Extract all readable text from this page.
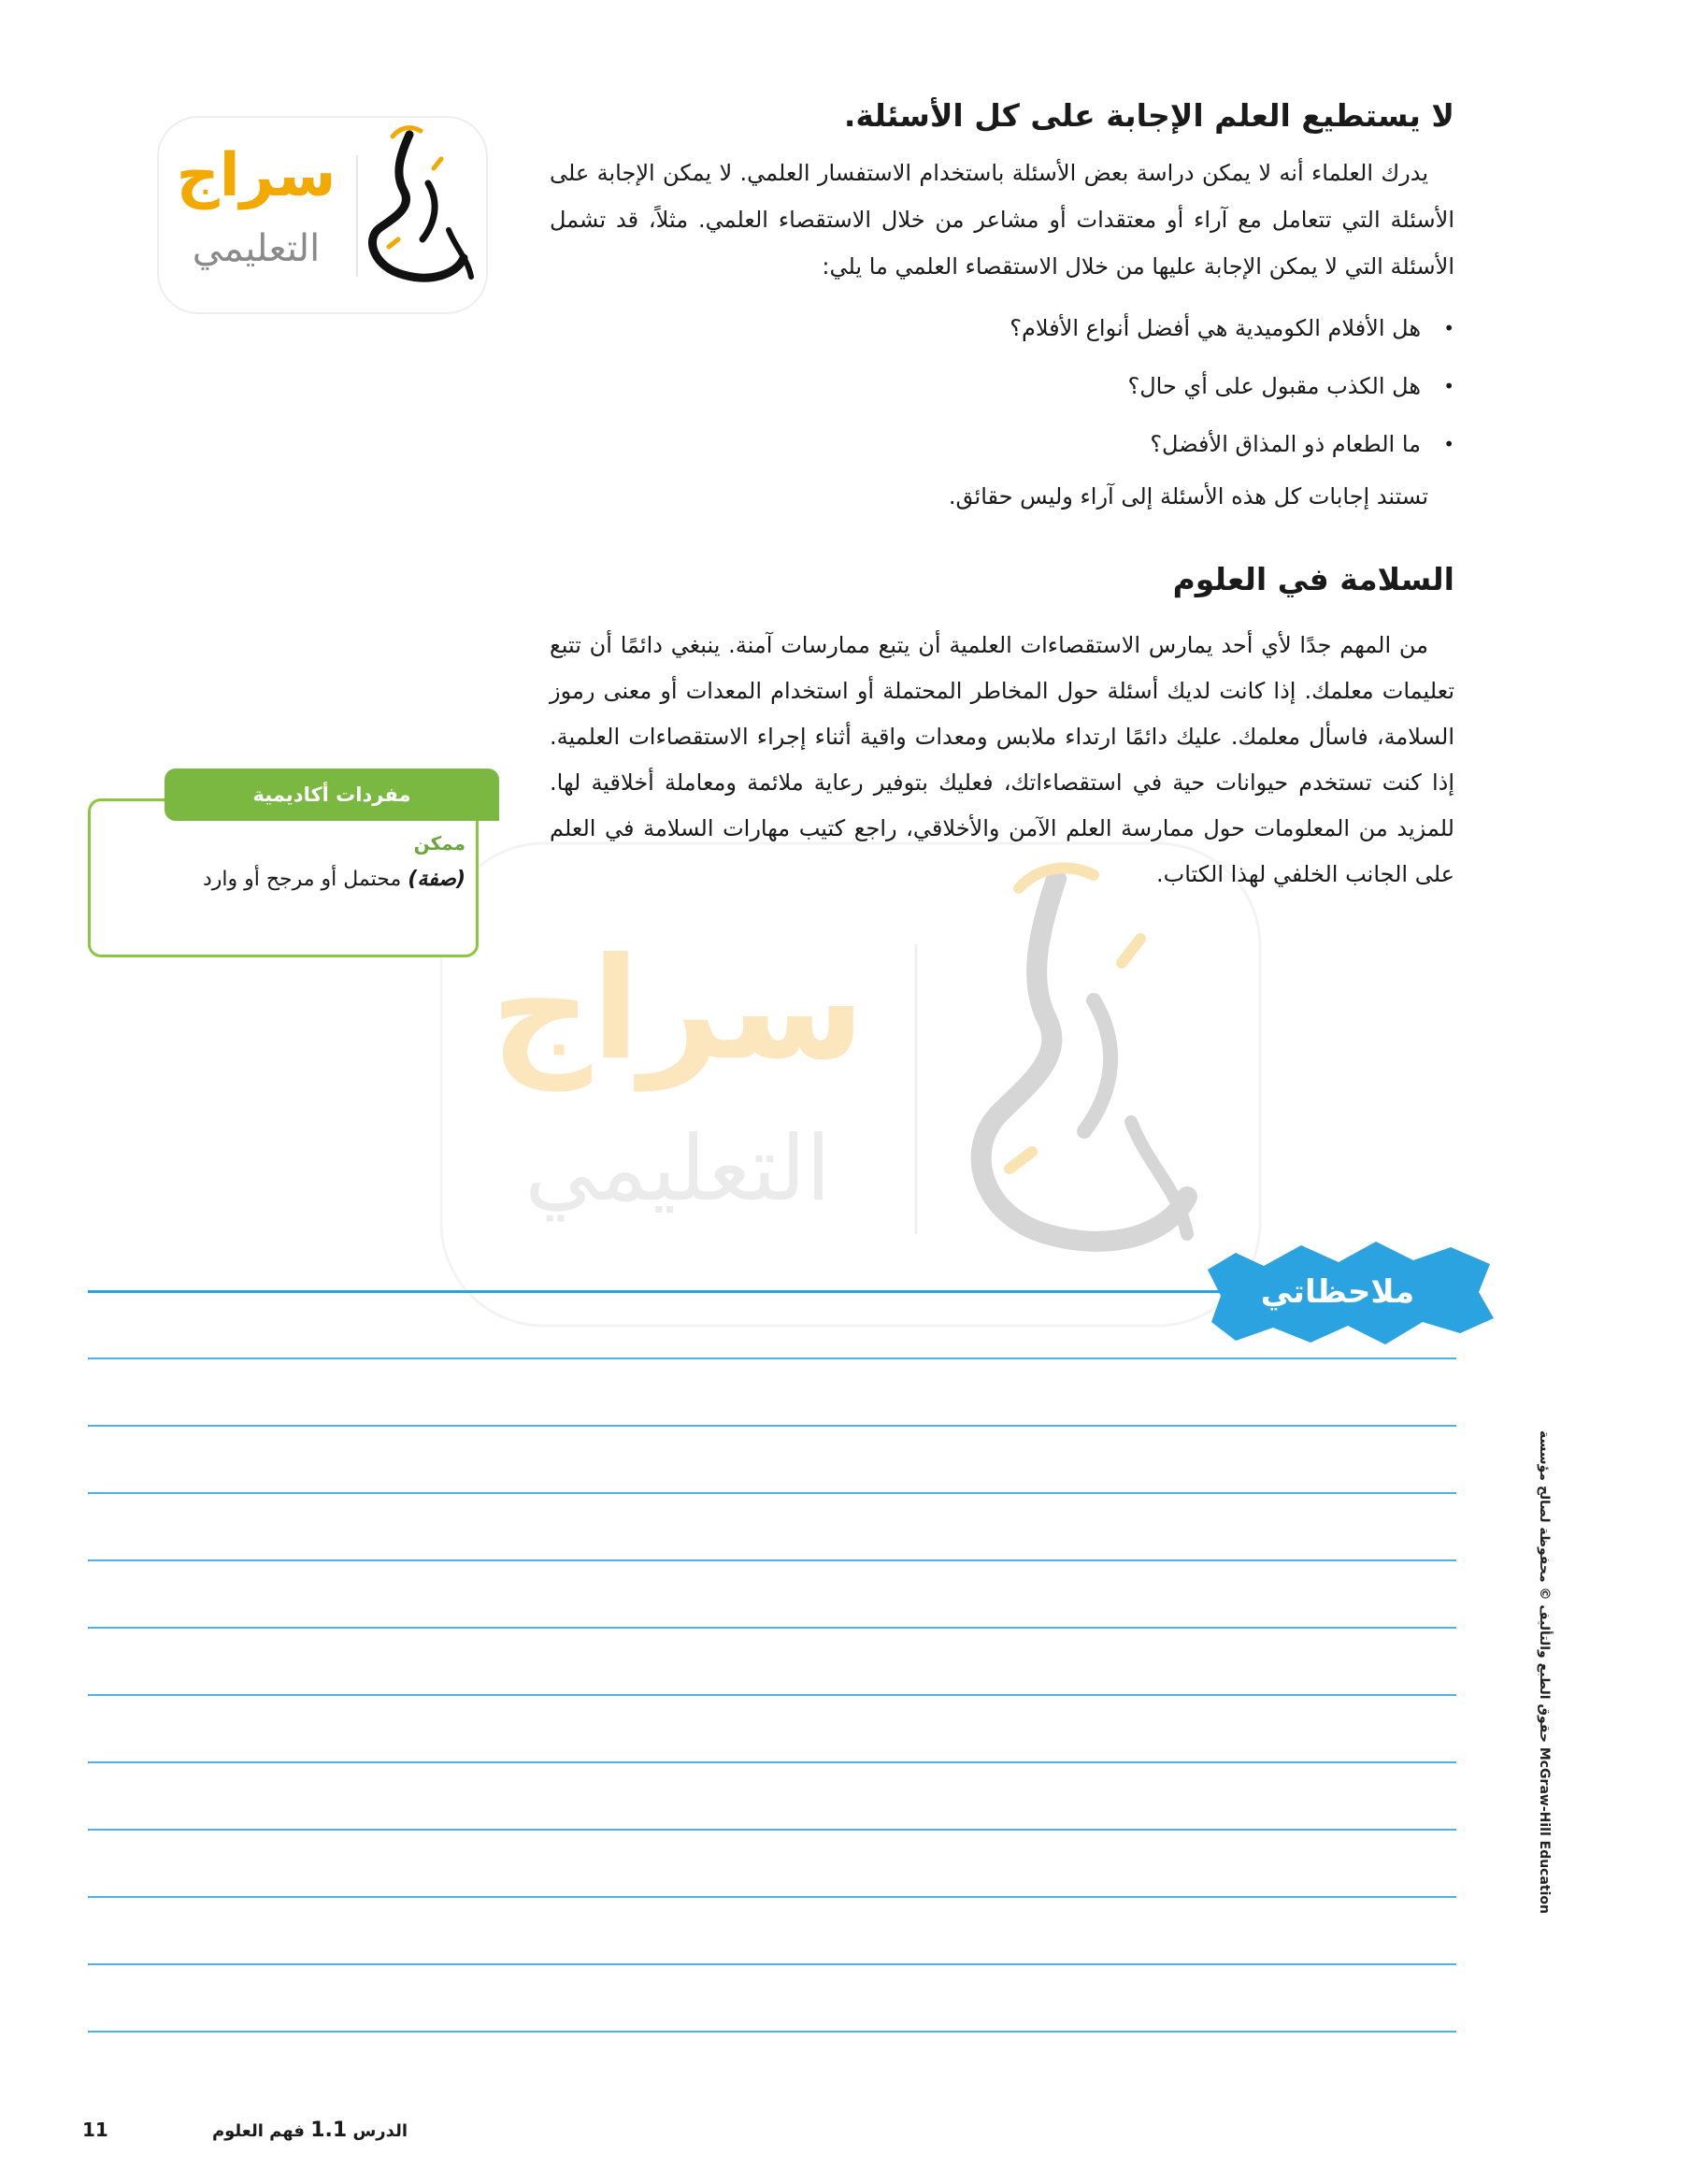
سراج
التعليمي
سراج
التعليمي
لا يستطيع العلم الإجابة على كل الأسئلة.
يدرك العلماء أنه لا يمكن دراسة بعض الأسئلة باستخدام الاستفسار العلمي. لا يمكن الإجابة على الأسئلة التي تتعامل مع آراء أو معتقدات أو مشاعر من خلال الاستقصاء العلمي. مثلاً، قد تشمل الأسئلة التي لا يمكن الإجابة عليها من خلال الاستقصاء العلمي ما يلي:
• هل الأفلام الكوميدية هي أفضل أنواع الأفلام؟
• هل الكذب مقبول على أي حال؟
• ما الطعام ذو المذاق الأفضل؟
تستند إجابات كل هذه الأسئلة إلى آراء وليس حقائق.
السلامة في العلوم
من المهم جدًا لأي أحد يمارس الاستقصاءات العلمية أن يتبع ممارسات آمنة. ينبغي دائمًا أن تتبع تعليمات معلمك. إذا كانت لديك أسئلة حول المخاطر المحتملة أو استخدام المعدات أو معنى رموز السلامة، فاسأل معلمك. عليك دائمًا ارتداء ملابس ومعدات واقية أثناء إجراء الاستقصاءات العلمية. إذا كنت تستخدم حيوانات حية في استقصاءاتك، فعليك بتوفير رعاية ملائمة ومعاملة أخلاقية لها. للمزيد من المعلومات حول ممارسة العلم الآمن والأخلاقي، راجع كتيب مهارات السلامة في العلم على الجانب الخلفي لهذا الكتاب.
مفردات أكاديمية
ممكن
(صفة) محتمل أو مرجح أو وارد
ملاحظاتي
حقوق الطبع والتأليف © محفوظة لصالح مؤسسة McGraw-Hill Education
11	الدرس 1.1 فهم العلوم
